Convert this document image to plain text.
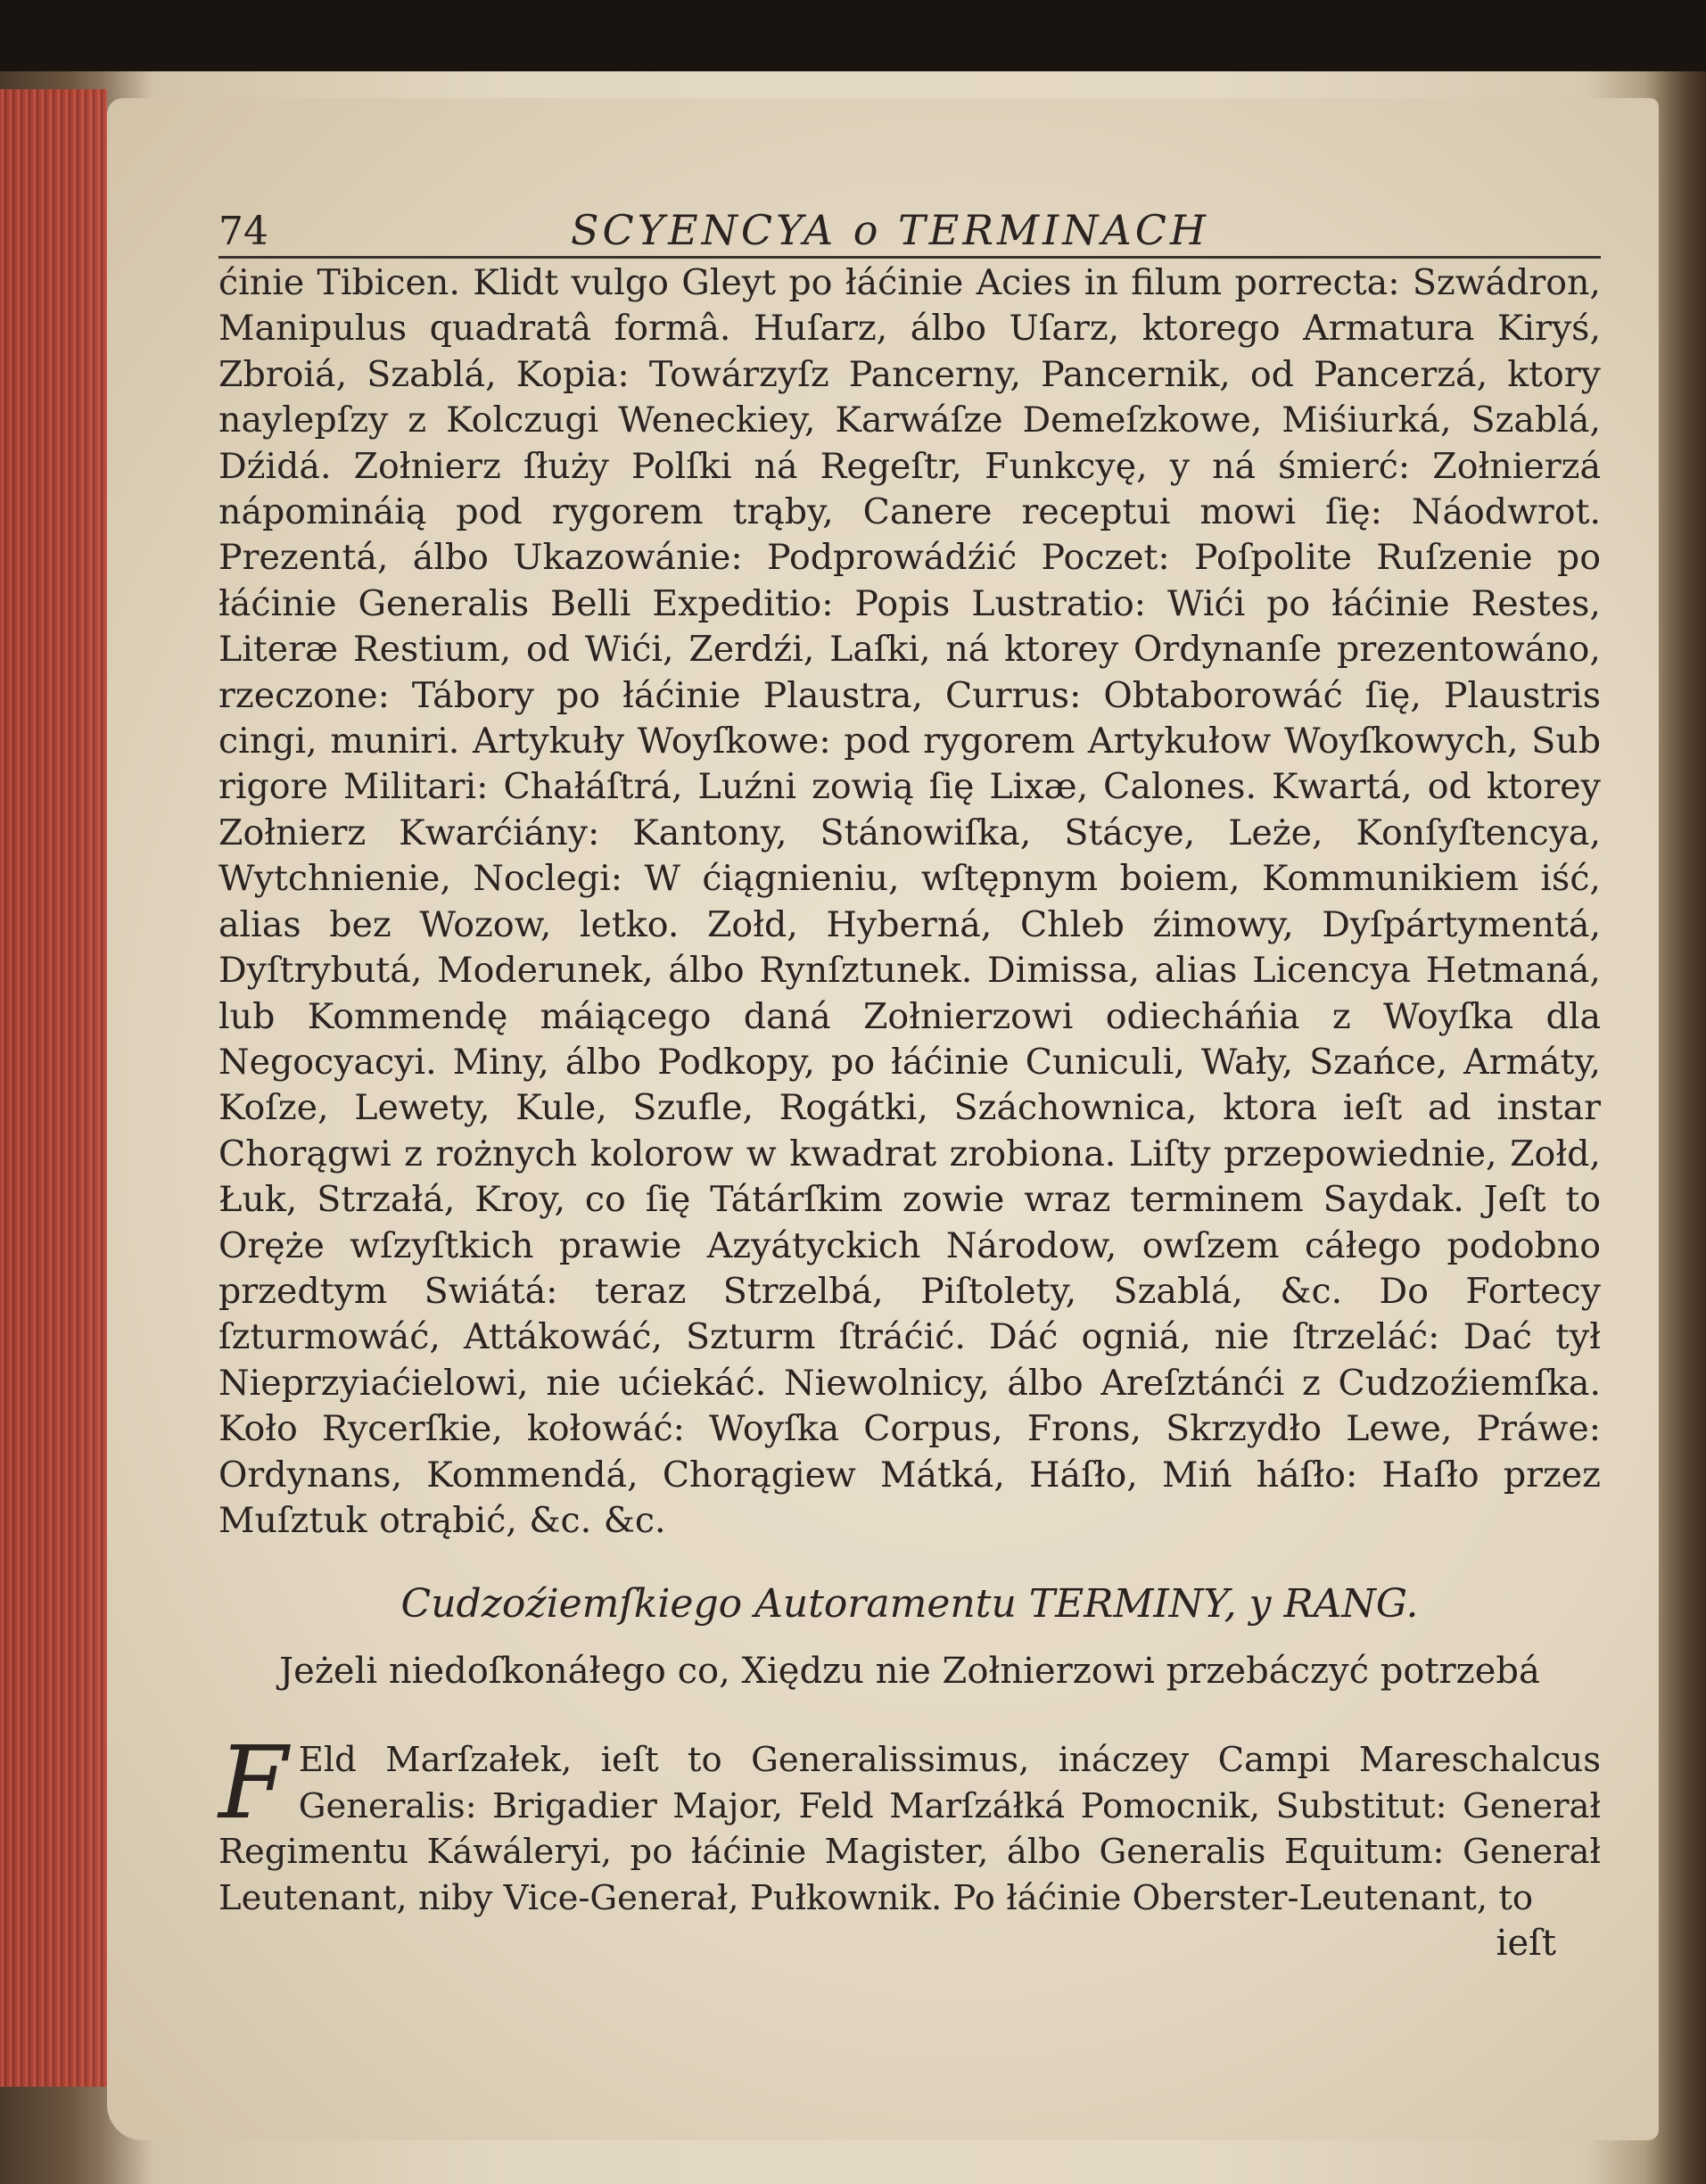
74	SCYENCYA o TERMINACH

ćinie Tibicen. Klidt vulgo Gleyt po łáćinie Acies in filum porrecta: Szwádron, Manipulus quadratâ formâ. Huſarz, álbo Uſarz, ktorego Armatura Kiryś, Zbroiá, Szablá, Kopia: Towárzyſz Pancerny, Pancernik, od Pancerzá, ktory naylepſzy z Kolczugi Weneckiey, Karwáſze Demeſzkowe, Miśiurká, Szablá, Dźidá. Zołnierz ſłuży Polſki ná Regeſtr, Funkcyę, y ná śmierć: Zołnierzá nápomináią pod rygorem trąby, Canere receptui mowi ſię: Náodwrot. Prezentá, álbo Ukazowánie: Podprowádźić Poczet: Poſpolite Ruſzenie po łáćinie Generalis Belli Expeditio: Popis Lustratio: Wići po łáćinie Restes, Literæ Restium, od Wići, Zerdźi, Laſki, ná ktorey Ordynanſe prezentowáno, rzeczone: Tábory po łáćinie Plaustra, Currus: Obtaborowáć ſię, Plaustris cingi, muniri. Artykuły Woyſkowe: pod rygorem Artykułow Woyſkowych, Sub rigore Militari: Chałáſtrá, Luźni zowią ſię Lixæ, Calones. Kwartá, od ktorey Zołnierz Kwarćiány: Kantony, Stánowiſka, Stácye, Leże, Konſyſtencya, Wytchnienie, Noclegi: W ćiągnieniu, wſtępnym boiem, Kommunikiem iść, alias bez Wozow, letko. Zołd, Hyberná, Chleb źimowy, Dyſpártymentá, Dyſtrybutá, Moderunek, álbo Rynſztunek. Dimissa, alias Licencya Hetmaná, lub Kommendę máiącego daná Zołnierzowi odiecháńia z Woyſka dla Negocyacyi. Miny, álbo Podkopy, po łáćinie Cuniculi, Wały, Szańce, Armáty, Koſze, Lewety, Kule, Szufle, Rogátki, Száchownica, ktora ieſt ad instar Chorągwi z rożnych kolorow w kwadrat zrobiona. Liſty przepowiednie, Zołd, Łuk, Strzałá, Kroy, co ſię Tátárſkim zowie wraz terminem Saydak. Jeſt to Oręże wſzyſtkich prawie Azyátyckich Národow, owſzem cáłego podobno przedtym Swiátá: teraz Strzelbá, Piſtolety, Szablá, &c. Do Fortecy ſzturmowáć, Attákowáć, Szturm ſtráćić. Dáć ogniá, nie ſtrzeláć: Dać tył Nieprzyiaćielowi, nie ućiekáć. Niewolnicy, álbo Areſztánći z Cudzoźiemſka. Koło Rycerſkie, kołowáć: Woyſka Corpus, Frons, Skrzydło Lewe, Práwe: Ordynans, Kommendá, Chorągiew Mátká, Háſło, Miń háſło: Haſło przez Muſztuk otrąbić, &c. &c.

Cudzoźiemſkiego Autoramentu TERMINY, y RANG.
Jeżeli niedoſkonáłego co, Xiędzu nie Zołnierzowi przebáczyć potrzebá
F Eld Marſzałek, ieſt to Generalissimus, ináczey Campi Mareschalcus Generalis: Brigadier Major, Feld Marſzáłká Pomocnik, Substitut: Generał Regimentu Káwáleryi, po łáćinie Magister, álbo Generalis Equitum: Generał Leutenant, niby Vice-Generał, Pułkownik. Po łáćinie Oberster-Leutenant, to
ieſt
